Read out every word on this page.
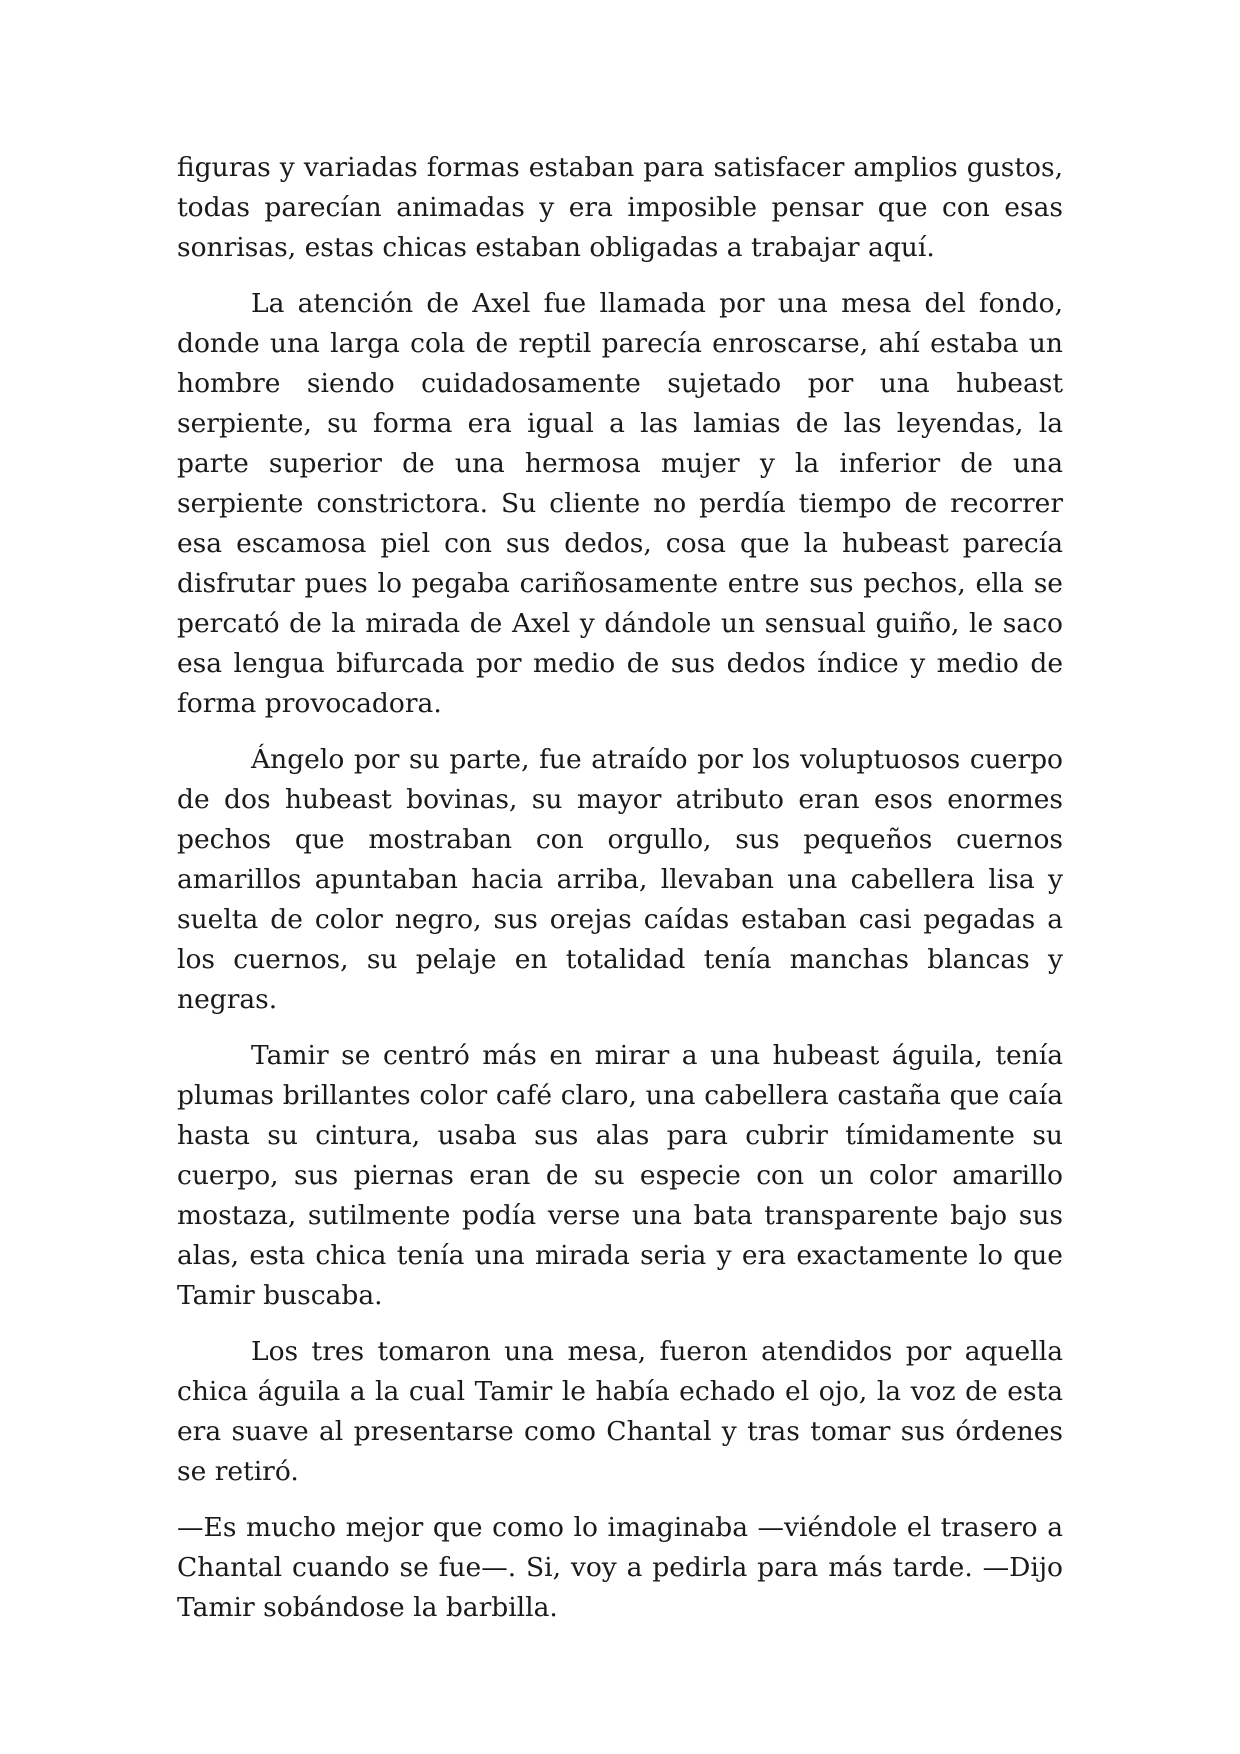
figuras y variadas formas estaban para satisfacer amplios gustos, todas parecían animadas y era imposible pensar que con esas sonrisas, estas chicas estaban obligadas a trabajar aquí.

La atención de Axel fue llamada por una mesa del fondo, donde una larga cola de reptil parecía enroscarse, ahí estaba un hombre siendo cuidadosamente sujetado por una hubeast serpiente, su forma era igual a las lamias de las leyendas, la parte superior de una hermosa mujer y la inferior de una serpiente constrictora. Su cliente no perdía tiempo de recorrer esa escamosa piel con sus dedos, cosa que la hubeast parecía disfrutar pues lo pegaba cariñosamente entre sus pechos, ella se percató de la mirada de Axel y dándole un sensual guiño, le saco esa lengua bifurcada por medio de sus dedos índice y medio de forma provocadora.

Ángelo por su parte, fue atraído por los voluptuosos cuerpo de dos hubeast bovinas, su mayor atributo eran esos enormes pechos que mostraban con orgullo, sus pequeños cuernos amarillos apuntaban hacia arriba, llevaban una cabellera lisa y suelta de color negro, sus orejas caídas estaban casi pegadas a los cuernos, su pelaje en totalidad tenía manchas blancas y negras.

Tamir se centró más en mirar a una hubeast águila, tenía plumas brillantes color café claro, una cabellera castaña que caía hasta su cintura, usaba sus alas para cubrir tímidamente su cuerpo, sus piernas eran de su especie con un color amarillo mostaza, sutilmente podía verse una bata transparente bajo sus alas, esta chica tenía una mirada seria y era exactamente lo que Tamir buscaba.

Los tres tomaron una mesa, fueron atendidos por aquella chica águila a la cual Tamir le había echado el ojo, la voz de esta era suave al presentarse como Chantal y tras tomar sus órdenes se retiró.

—Es mucho mejor que como lo imaginaba —viéndole el trasero a Chantal cuando se fue—. Si, voy a pedirla para más tarde. —Dijo Tamir sobándose la barbilla.
